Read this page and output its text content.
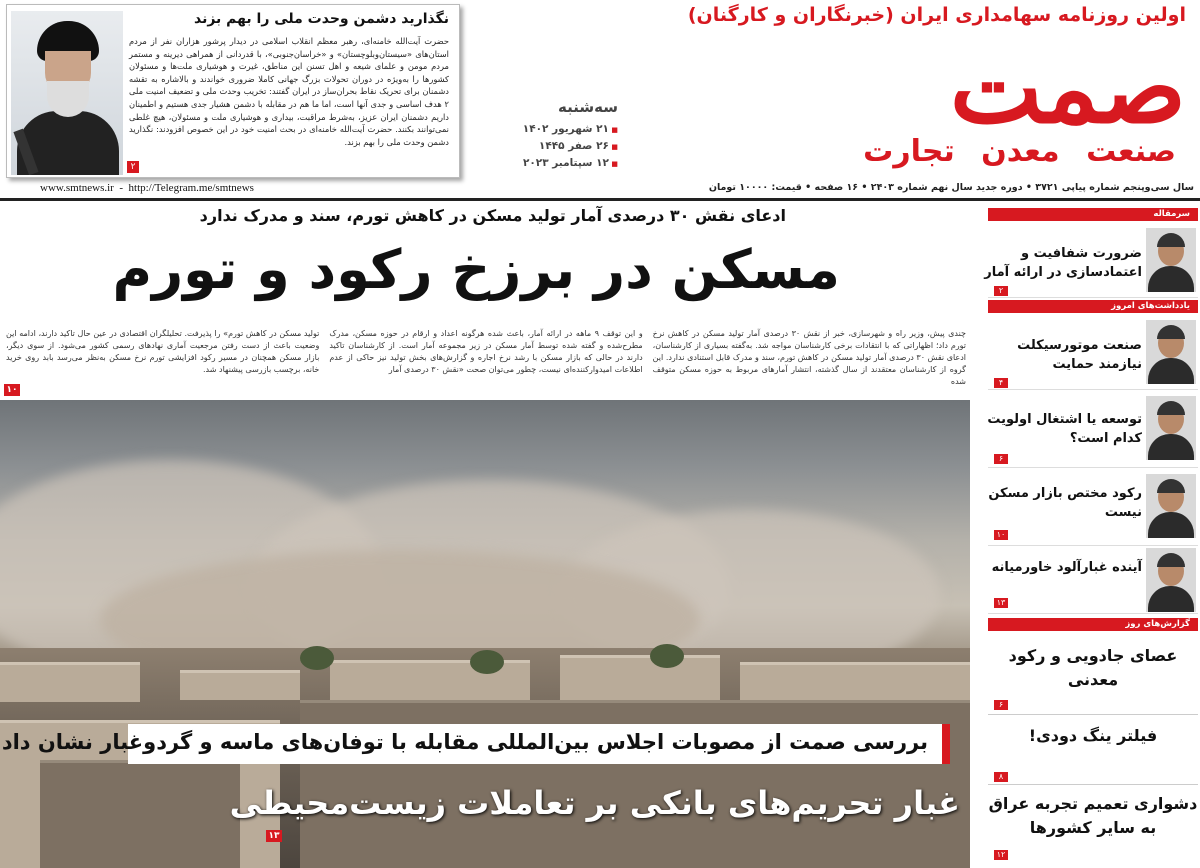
نگذارید دشمن وحدت ملی را بهم بزند
حضرت آیت‌الله خامنه‌ای، رهبر معظم انقلاب اسلامی در دیدار پرشور هزاران نفر از مردم استان‌های «سیستان‌وبلوچستان» و «خراسان‌جنوبی»، با قدردانی از همراهی دیرینه و مستمر مردم مومن و علمای شیعه و اهل تسنن این مناطق، غیرت و هوشیاری ملت‌ها و مسئولان کشورها را به‌ویژه در دوران تحولات بزرگ جهانی کاملا ضروری خواندند و بالاشاره به تقشه دشمنان برای تحریک نقاط بحران‌ساز در ایران گفتند: تخریب وحدت ملی و تضعیف امنیت ملی ۲ هدف اساسی و جدی آنها است، اما ما هم در مقابله با دشمن هشیار جدی هستیم و اطمینان داریم دشمنان ایران عزیز، به‌شرط مراقبت، بیداری و هوشیاری ملت و مسئولان، هیچ غلطی نمی‌توانند بکنند. حضرت آیت‌الله خامنه‌ای در بحث امنیت خود در این خصوص افزودند: نگذارید دشمن وحدت ملی را بهم بزند.
۲
اولین روزنامه سهامداری ایران (خبرنگاران و کارگنان)
سه‌شنبه
■ ۲۱ شهریور ۱۴۰۲
■ ۲۶ صفر ۱۴۴۵
■ ۱۲ سپتامبر ۲۰۲۳
صمت
صنعت معدن تجارت
www.smtnews.ir  -  http://Telegram.me/smtnews	سال سی‌وپنجم شماره پیاپی ۳۷۲۱ • دوره جدید سال نهم شماره ۲۴۰۳ • ۱۶ صفحه • قیمت: ۱۰۰۰۰ تومان
ادعای نقش ۳۰ درصدی آمار تولید مسکن در کاهش تورم، سند و مدرک ندارد
مسکن در برزخ رکود و تورم
چندی پیش، وزیر راه و شهرسازی، خبر از نقش ۳۰ درصدی آمار تولید مسکن در کاهش نرخ تورم داد؛ اظهاراتی که با انتقادات برخی کارشناسان مواجه شد. به‌گفته بسیاری از کارشناسان، ادعای نقش ۳۰ درصدی آمار تولید مسکن در کاهش تورم، سند و مدرک قابل استنادی ندارد. این گروه از کارشناسان معتقدند از سال گذشته، انتشار آمارهای مربوط به حوزه مسکن متوقف شده
و این توقف ۹ ماهه در ارائه آمار، باعث شده هرگونه اعداد و ارقام در حوزه مسکن، مدرک مطرح‌شده و گفته شده توسط آمار مسکن در زیر مجموعه آمار است. از کارشناسان تاکید دارند در حالی که بازار مسکن با رشد نرخ اجاره و گزارش‌های بخش تولید نیز حاکی از عدم اطلاعات امیدوارکننده‌ای نیست، چطور می‌توان صحت «نقش ۳۰ درصدی آمار
تولید مسکن در کاهش تورم» را پذیرفت. تحلیلگران اقتصادی در عین حال تاکید دارند، ادامه این وضعیت باعث از دست رفتن مرجعیت آماری نهادهای رسمی کشور می‌شود. از سوی دیگر، بازار مسکن همچنان در مسیر رکود افزایشی تورم نرخ مسکن به‌نظر می‌رسد بابد روی خرید خانه، برچسب بازرسی پیشنهاد شد.
۱۰
بررسی صمت از مصوبات اجلاس بین‌المللی مقابله با توفان‌های ماسه و گرد‌وغبار نشان داد
غبار تحریم‌های بانکی بر تعاملات زیست‌محیطی
۱۳
سرمقاله
ضرورت شفافیت و اعتمادسازی در ارائه آمار
۲
یادداشت‌های امروز
صنعت موتورسیکلت نیازمند حمایت
۴
توسعه یا اشتغال اولویت کدام است؟
۶
رکود مختص بازار مسکن نیست
۱۰
آینده غبارآلود خاورمیانه
۱۳
گزارش‌های روز
عصای جادویی و رکود معدنی
۶
فیلتر ینگ دودی!
۸
دشواری تعمیم تجربه عراق به سایر کشورها
۱۲
